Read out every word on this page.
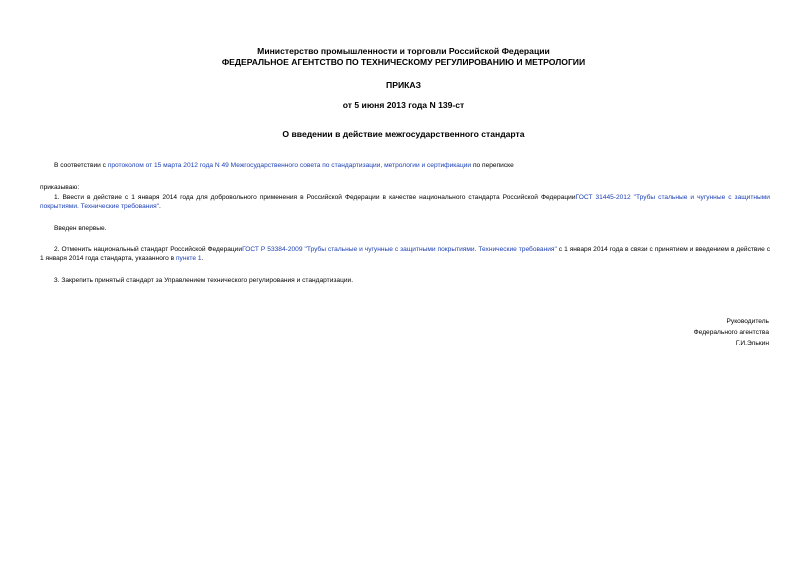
Министерство промышленности и торговли Российской Федерации
ФЕДЕРАЛЬНОЕ АГЕНТСТВО ПО ТЕХНИЧЕСКОМУ РЕГУЛИРОВАНИЮ И МЕТРОЛОГИИ
ПРИКАЗ
от 5 июня 2013 года N 139-ст
О введении в действие межгосударственного стандарта
В соответствии с протоколом от 15 марта 2012 года N 49 Межгосударственного совета по стандартизации, метрологии и сертификации по переписке
приказываю:
1. Ввести в действие с 1 января 2014 года для добровольного применения в Российской Федерации в качестве национального стандарта Российской ФедерацииГОСТ 31445-2012 "Трубы стальные и чугунные с защитными покрытиями. Технические требования".
Введен впервые.
2. Отменить национальный стандарт Российской ФедерацииГОСТ Р 53384-2009 "Трубы стальные и чугунные с защитными покрытиями. Технические требования" с 1 января 2014 года в связи с принятием и введением в действие с 1 января 2014 года стандарта, указанного в пункте 1.
3. Закрепить принятый стандарт за Управлением технического регулирования и стандартизации.
Руководитель
Федерального агентства
Г.И.Элькин
